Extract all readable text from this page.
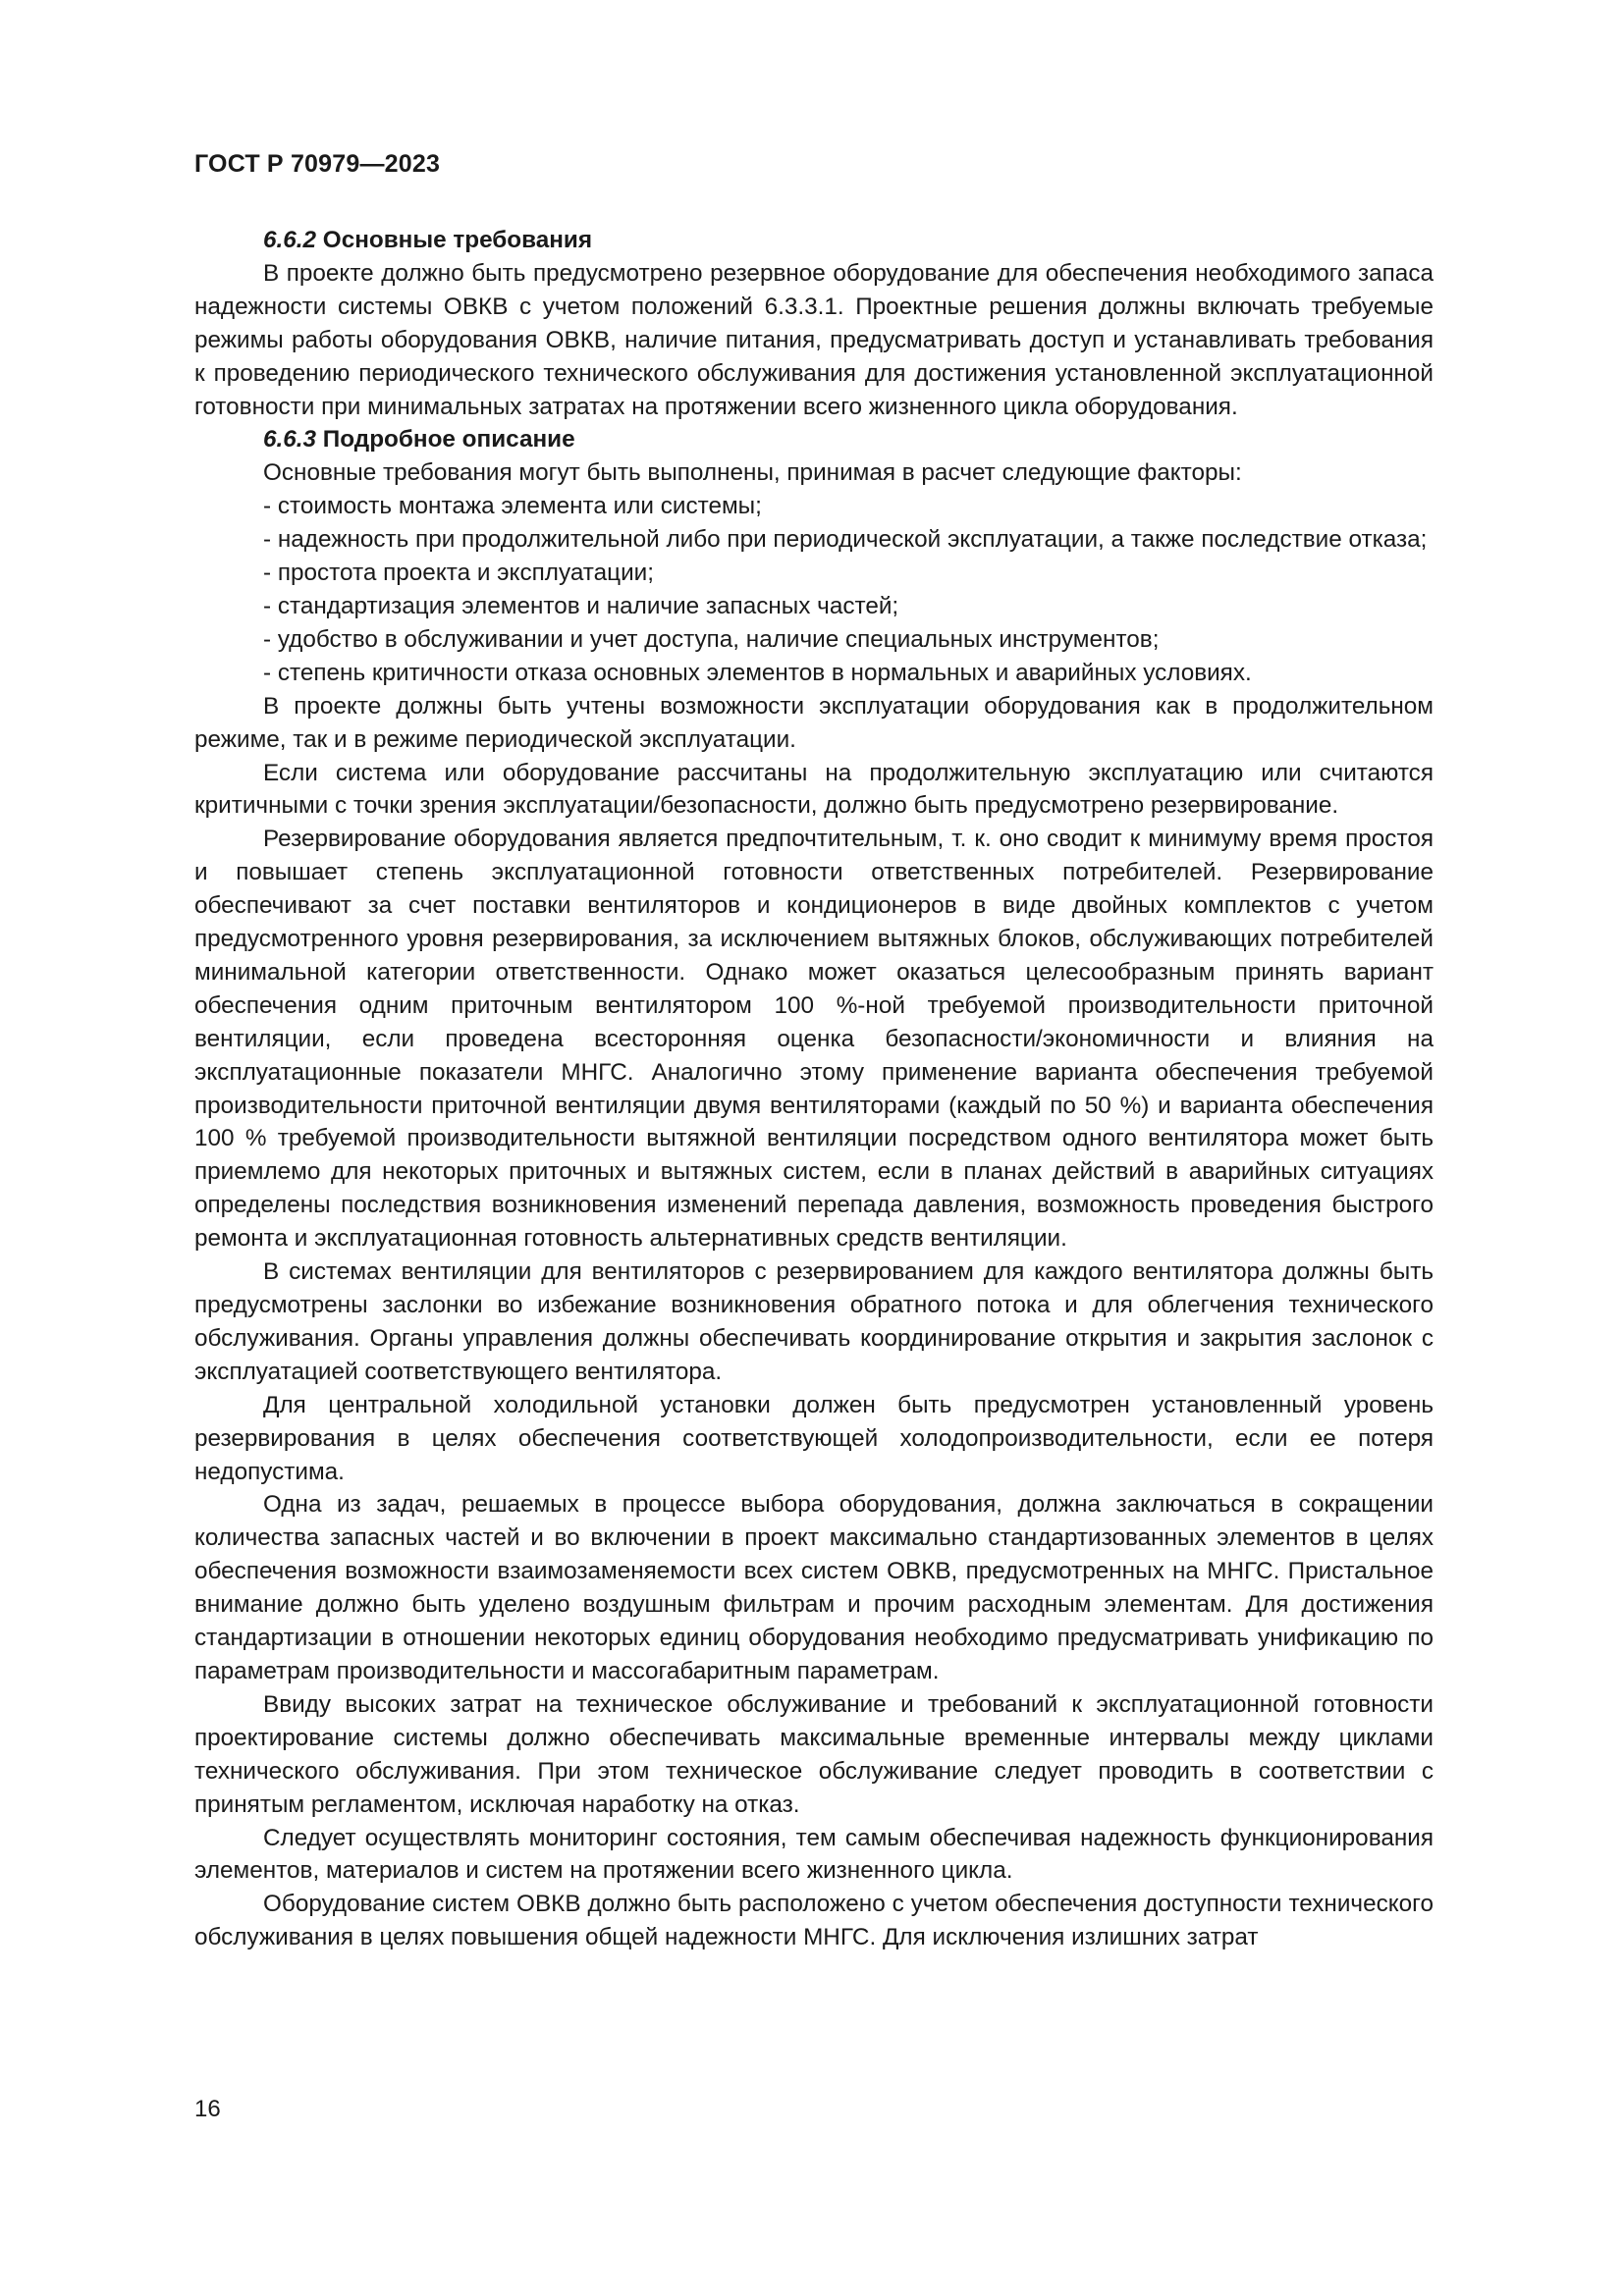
ГОСТ Р 70979—2023

6.6.2 Основные требования

В проекте должно быть предусмотрено резервное оборудование для обеспечения необходимого запаса надежности системы ОВКВ с учетом положений 6.3.3.1. Проектные решения должны включать требуемые режимы работы оборудования ОВКВ, наличие питания, предусматривать доступ и устанавливать требования к проведению периодического технического обслуживания для достижения установленной эксплуатационной готовности при минимальных затратах на протяжении всего жизненного цикла оборудования.

6.6.3 Подробное описание

Основные требования могут быть выполнены, принимая в расчет следующие факторы:

- стоимость монтажа элемента или системы;

- надежность при продолжительной либо при периодической эксплуатации, а также последствие отказа;

- простота проекта и эксплуатации;

- стандартизация элементов и наличие запасных частей;

- удобство в обслуживании и учет доступа, наличие специальных инструментов;

- степень критичности отказа основных элементов в нормальных и аварийных условиях.

В проекте должны быть учтены возможности эксплуатации оборудования как в продолжительном режиме, так и в режиме периодической эксплуатации.

Если система или оборудование рассчитаны на продолжительную эксплуатацию или считаются критичными с точки зрения эксплуатации/безопасности, должно быть предусмотрено резервирование.

Резервирование оборудования является предпочтительным, т. к. оно сводит к минимуму время простоя и повышает степень эксплуатационной готовности ответственных потребителей. Резервирование обеспечивают за счет поставки вентиляторов и кондиционеров в виде двойных комплектов с учетом предусмотренного уровня резервирования, за исключением вытяжных блоков, обслуживающих потребителей минимальной категории ответственности. Однако может оказаться целесообразным принять вариант обеспечения одним приточным вентилятором 100 %-ной требуемой производительности приточной вентиляции, если проведена всесторонняя оценка безопасности/экономичности и влияния на эксплуатационные показатели МНГС. Аналогично этому применение варианта обеспечения требуемой производительности приточной вентиляции двумя вентиляторами (каждый по 50 %) и варианта обеспечения 100 % требуемой производительности вытяжной вентиляции посредством одного вентилятора может быть приемлемо для некоторых приточных и вытяжных систем, если в планах действий в аварийных ситуациях определены последствия возникновения изменений перепада давления, возможность проведения быстрого ремонта и эксплуатационная готовность альтернативных средств вентиляции.

В системах вентиляции для вентиляторов с резервированием для каждого вентилятора должны быть предусмотрены заслонки во избежание возникновения обратного потока и для облегчения технического обслуживания. Органы управления должны обеспечивать координирование открытия и закрытия заслонок с эксплуатацией соответствующего вентилятора.

Для центральной холодильной установки должен быть предусмотрен установленный уровень резервирования в целях обеспечения соответствующей холодопроизводительности, если ее потеря недопустима.

Одна из задач, решаемых в процессе выбора оборудования, должна заключаться в сокращении количества запасных частей и во включении в проект максимально стандартизованных элементов в целях обеспечения возможности взаимозаменяемости всех систем ОВКВ, предусмотренных на МНГС. Пристальное внимание должно быть уделено воздушным фильтрам и прочим расходным элементам. Для достижения стандартизации в отношении некоторых единиц оборудования необходимо предусматривать унификацию по параметрам производительности и массогабаритным параметрам.

Ввиду высоких затрат на техническое обслуживание и требований к эксплуатационной готовности проектирование системы должно обеспечивать максимальные временные интервалы между циклами технического обслуживания. При этом техническое обслуживание следует проводить в соответствии с принятым регламентом, исключая наработку на отказ.

Следует осуществлять мониторинг состояния, тем самым обеспечивая надежность функционирования элементов, материалов и систем на протяжении всего жизненного цикла.

Оборудование систем ОВКВ должно быть расположено с учетом обеспечения доступности технического обслуживания в целях повышения общей надежности МНГС. Для исключения излишних затрат

16
